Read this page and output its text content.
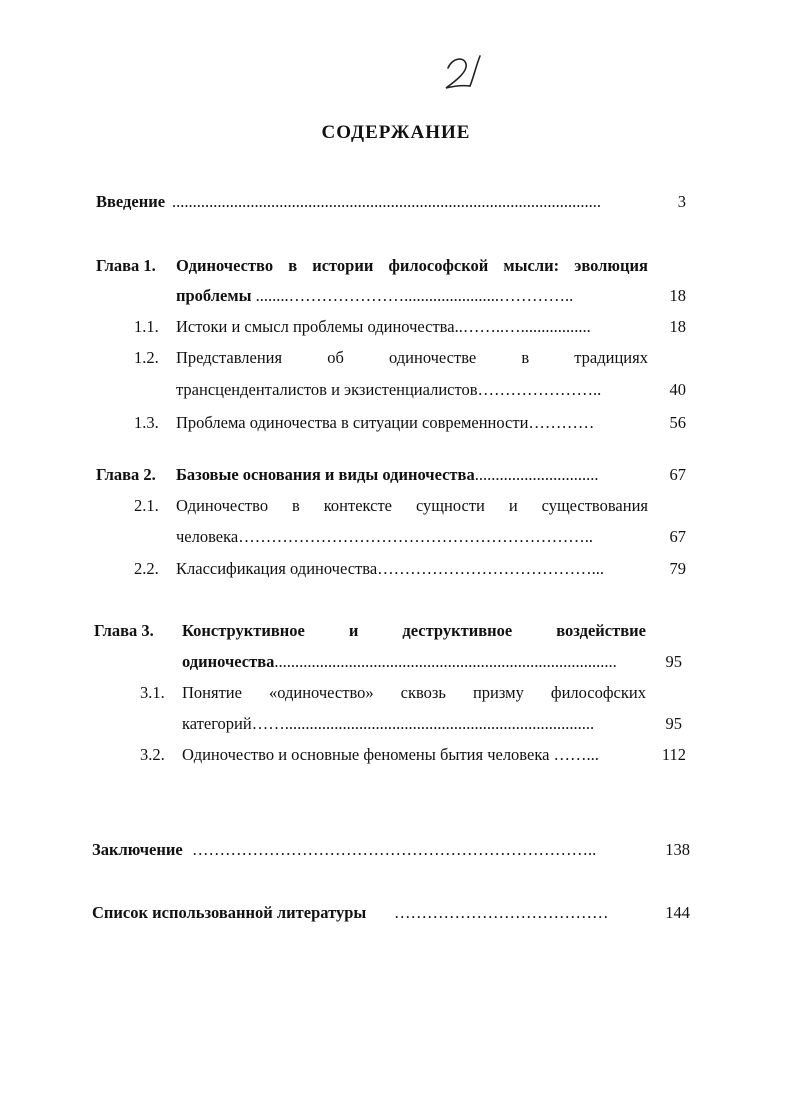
СОДЕРЖАНИЕ
Введение ........................................................................................................	3
Глава 1. Одиночество в истории философской мысли: эволюция
проблемы ........………………….......................…………..	18
1.1. Истоки и смысл проблемы одиночества..……..….................	18
1.2. Представления	об	одиночестве	в	традициях
трансценденталистов и экзистенциалистов…………………..	40
1.3. Проблема одиночества в ситуации современности…………	56
Глава 2. Базовые основания и виды одиночества..............................	67
2.1. Одиночество в контексте сущности и существования
человека………………………………………………………..	67
2.2. Классификация одиночества…………………………………...	79
Глава 3. Конструктивное	и	деструктивное	воздействие
одиночества...................................................................................	95
3.1. Понятие «одиночество» сквозь призму философских
категорий……...........................................................................	95
3.2. Одиночество и основные феномены бытия человека ……...	112
Заключение ………………………………………………………………..	138
Список использованной литературы …………………………………	144
